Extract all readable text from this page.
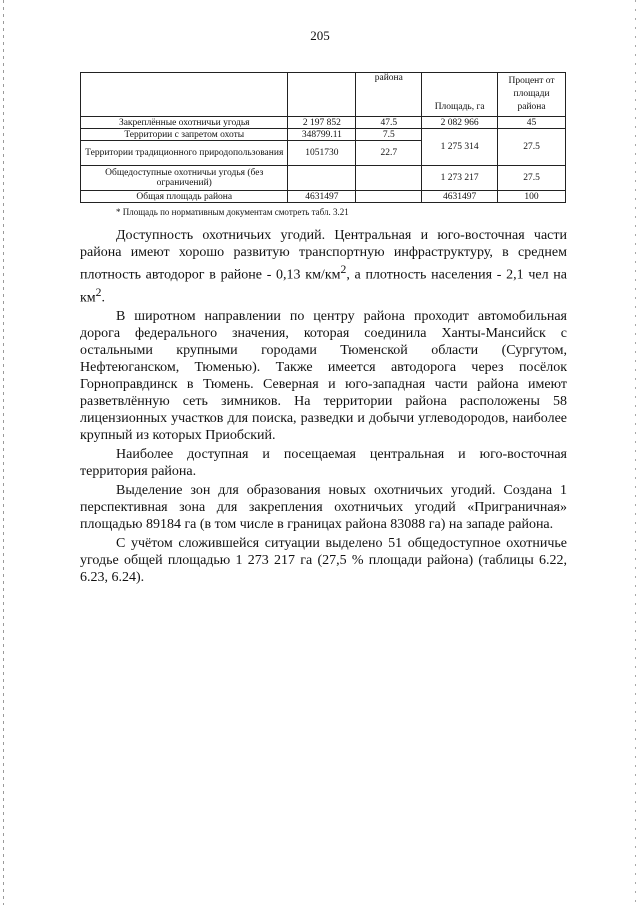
205
		района	Площадь, га	Процент от площади района
Закреплённые охотничьи угодья	2 197 852	47.5	2 082 966	45
Территории с запретом охоты	348799.11	7.5	1 275 314	27.5
Территории традиционного природопользования	1051730	22.7		
Общедоступные охотничьи угодья (без ограничений)			1 273 217	27.5
Общая площадь района	4631497		4631497	100
* Площадь по нормативным документам смотреть табл. 3.21

Доступность охотничьих угодий. Центральная и юго-восточная части района имеют хорошо развитую транспортную инфраструктуру, в среднем плотность автодорог в районе - 0,13 $км/км^2$, а плотность населения - 2,1 чел на $км^2$.

В широтном направлении по центру района проходит автомобильная дорога федерального значения, которая соединила Ханты-Мансийск с остальными крупными городами Тюменской области (Сургутом, Нефтеюганском, Тюменью). Также имеется автодорога через посёлок Горноправдинск в Тюмень. Северная и юго-западная части района имеют разветвлённую сеть зимников. На территории района расположены 58 лицензионных участков для поиска, разведки и добычи углеводородов, наиболее крупный из которых Приобский.

Наиболее доступная и посещаемая центральная и юго-восточная территория района.

Выделение зон для образования новых охотничьих угодий. Создана 1 перспективная зона для закрепления охотничьих угодий «Приграничная» площадью 89184 га (в том числе в границах района 83088 га) на западе района.

С учётом сложившейся ситуации выделено 51 общедоступное охотничье угодье общей площадью 1 273 217 га (27,5 % площади района) (таблицы 6.22, 6.23, 6.24).
